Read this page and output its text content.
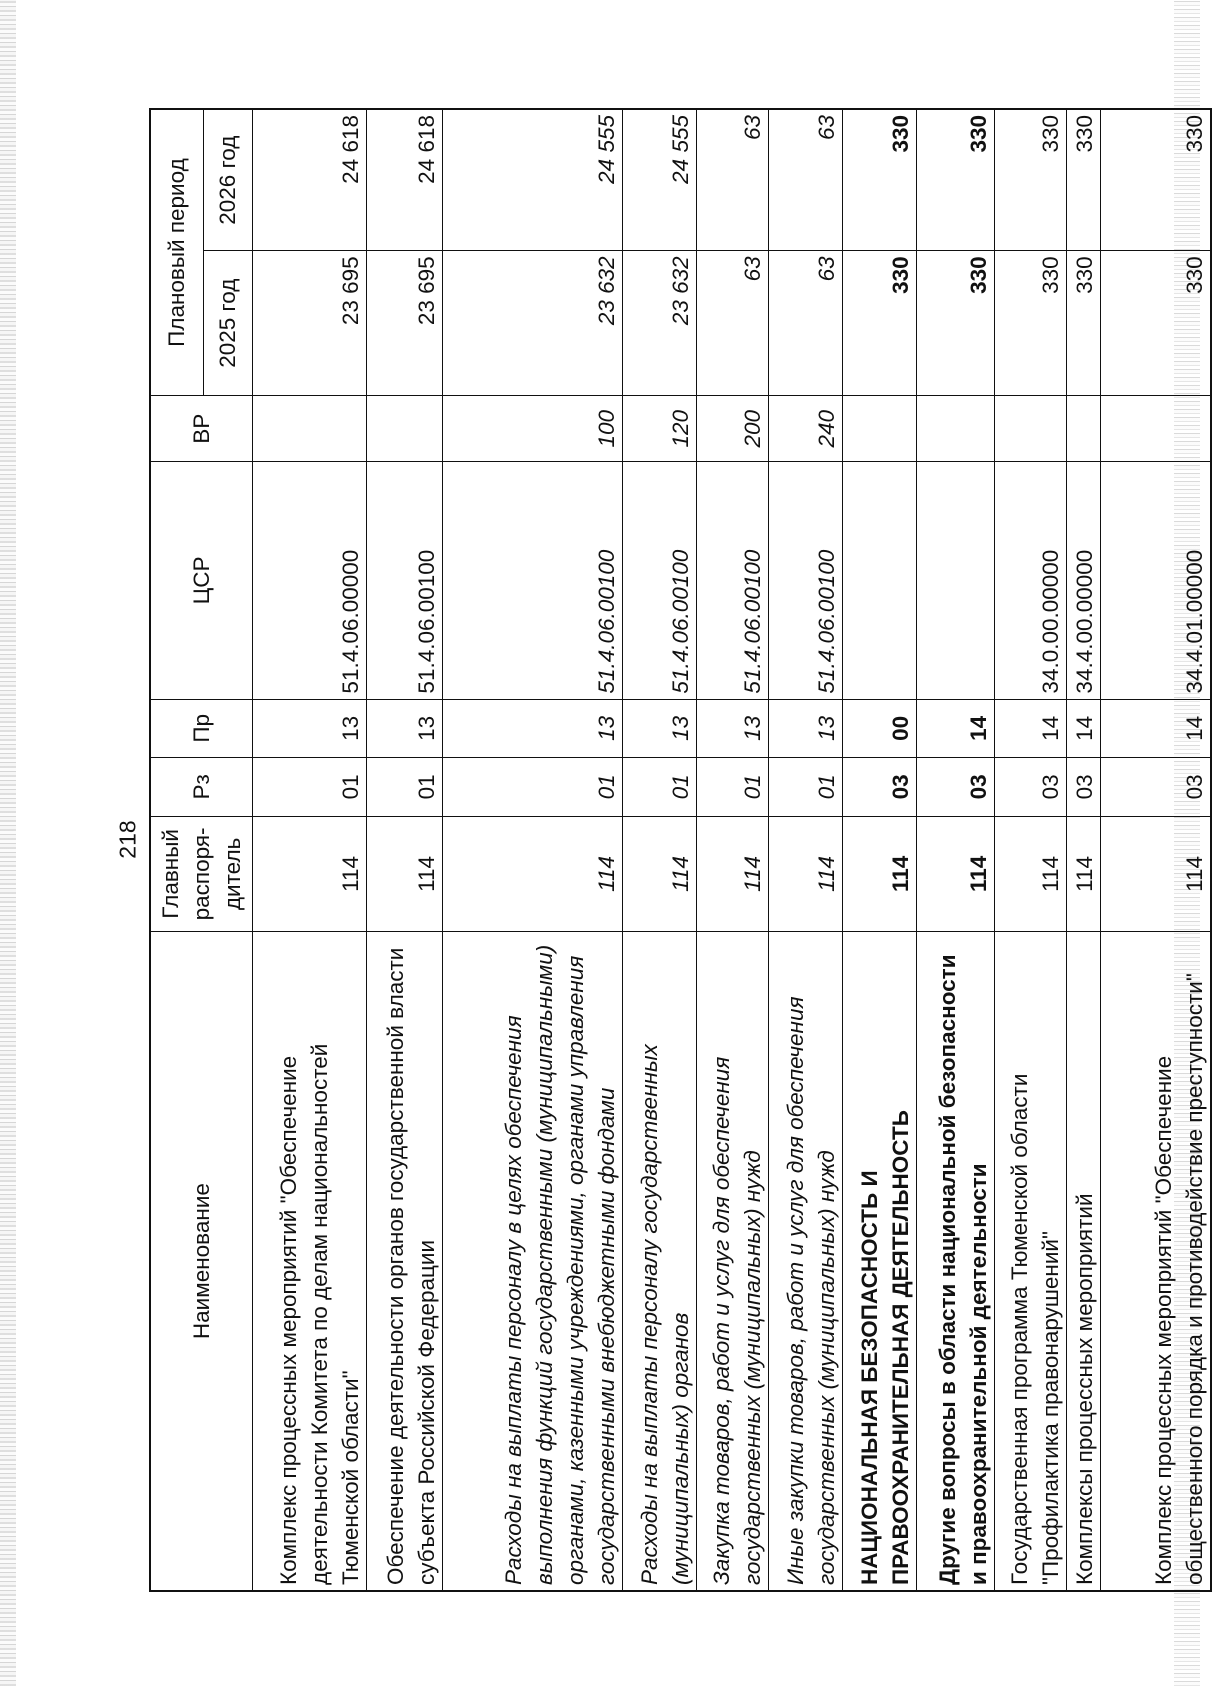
218
Наименование	Главный распоря-дитель	Рз	Пр	ЦСР	ВР	Плановый период	
						2025 год	2026 год
Комплекс процессных мероприятий "Обеспечение деятельности Комитета по делам национальностей Тюменской области"	114	01	13	51.4.06.00000		23 695	24 618
Обеспечение деятельности органов государственной власти субъекта Российской Федерации	114	01	13	51.4.06.00100		23 695	24 618
Расходы на выплаты персоналу в целях обеспечения выполнения функций государственными (муниципальными) органами, казенными учреждениями, органами управления государственными внебюджетными фондами	114	01	13	51.4.06.00100	100	23 632	24 555
Расходы на выплаты персоналу государственных (муниципальных) органов	114	01	13	51.4.06.00100	120	23 632	24 555
Закупка товаров, работ и услуг для обеспечения государственных (муниципальных) нужд	114	01	13	51.4.06.00100	200	63	63
Иные закупки товаров, работ и услуг для обеспечения государственных (муниципальных) нужд	114	01	13	51.4.06.00100	240	63	63
НАЦИОНАЛЬНАЯ БЕЗОПАСНОСТЬ И ПРАВООХРАНИТЕЛЬНАЯ ДЕЯТЕЛЬНОСТЬ	114	03	00			330	330
Другие вопросы в области национальной безопасности и правоохранительной деятельности	114	03	14			330	330
Государственная программа Тюменской области "Профилактика правонарушений"	114	03	14	34.0.00.00000		330	330
Комплексы процессных мероприятий	114	03	14	34.4.00.00000		330	330
Комплекс процессных мероприятий "Обеспечение общественного порядка и противодействие преступности"	114	03	14	34.4.01.00000		330	330
